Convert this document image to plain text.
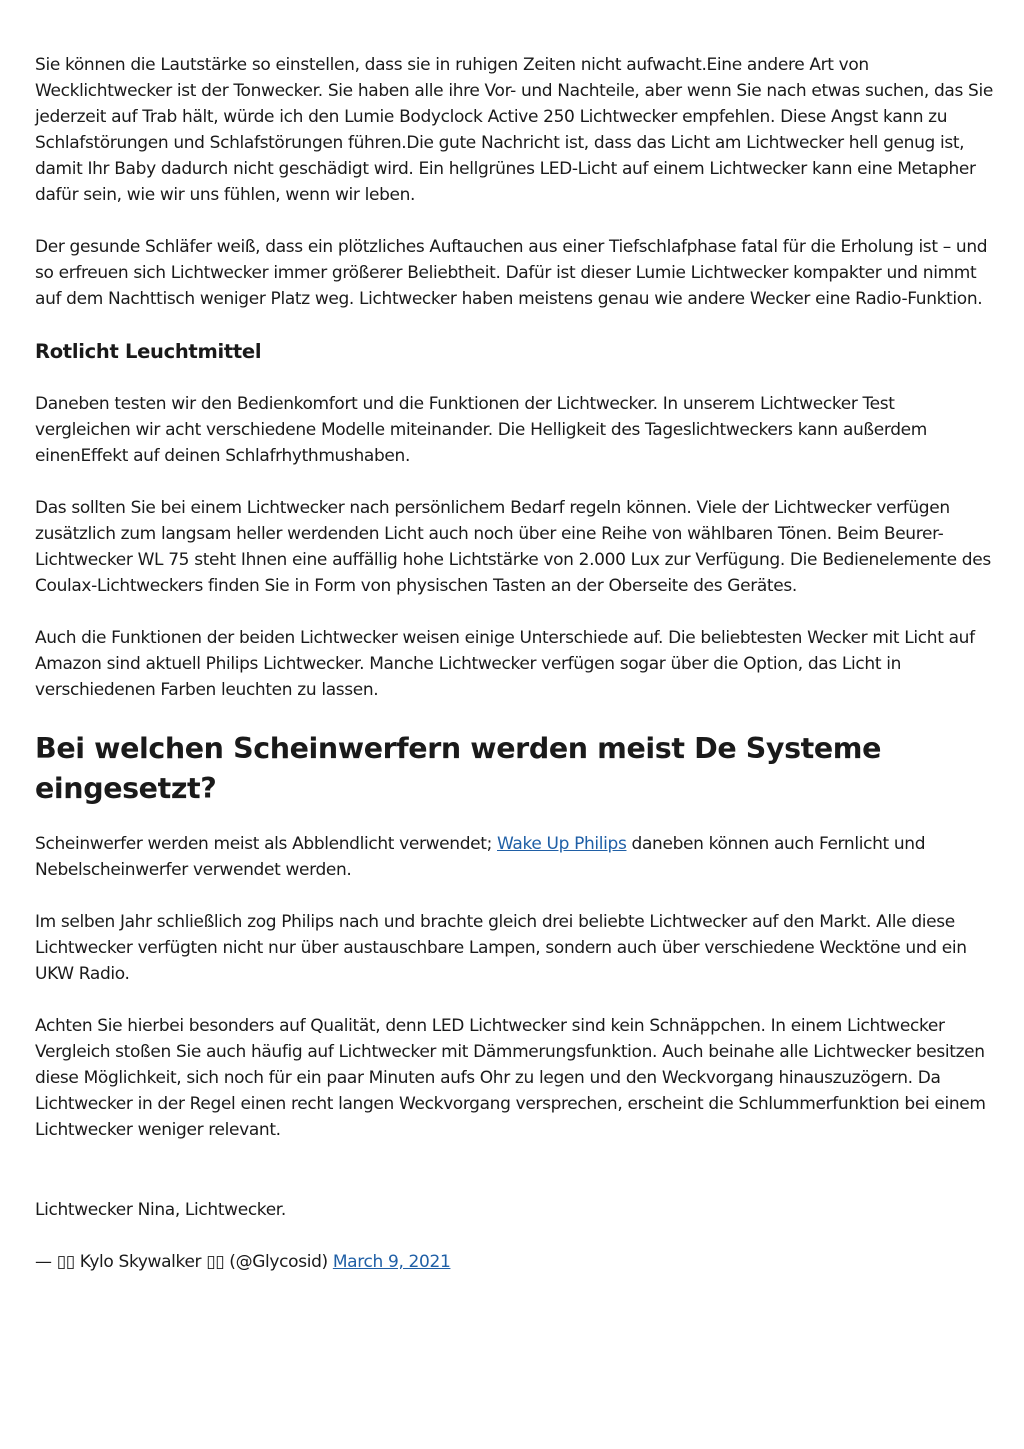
Sie können die Lautstärke so einstellen, dass sie in ruhigen Zeiten nicht aufwacht.Eine andere Art von Wecklichtwecker ist der Tonwecker. Sie haben alle ihre Vor- und Nachteile, aber wenn Sie nach etwas suchen, das Sie jederzeit auf Trab hält, würde ich den Lumie Bodyclock Active 250 Lichtwecker empfehlen. Diese Angst kann zu Schlafstörungen und Schlafstörungen führen.Die gute Nachricht ist, dass das Licht am Lichtwecker hell genug ist, damit Ihr Baby dadurch nicht geschädigt wird. Ein hellgrünes LED-Licht auf einem Lichtwecker kann eine Metapher dafür sein, wie wir uns fühlen, wenn wir leben.

Der gesunde Schläfer weiß, dass ein plötzliches Auftauchen aus einer Tiefschlafphase fatal für die Erholung ist – und so erfreuen sich Lichtwecker immer größerer Beliebtheit. Dafür ist dieser Lumie Lichtwecker kompakter und nimmt auf dem Nachttisch weniger Platz weg. Lichtwecker haben meistens genau wie andere Wecker eine Radio-Funktion.

Rotlicht Leuchtmittel

Daneben testen wir den Bedienkomfort und die Funktionen der Lichtwecker. In unserem Lichtwecker Test vergleichen wir acht verschiedene Modelle miteinander. Die Helligkeit des Tageslichtweckers kann außerdem einenEffekt auf deinen Schlafrhythmushaben.

Das sollten Sie bei einem Lichtwecker nach persönlichem Bedarf regeln können. Viele der Lichtwecker verfügen zusätzlich zum langsam heller werdenden Licht auch noch über eine Reihe von wählbaren Tönen. Beim Beurer-Lichtwecker WL 75 steht Ihnen eine auffällig hohe Lichtstärke von 2.000 Lux zur Verfügung. Die Bedienelemente des Coulax-Lichtweckers finden Sie in Form von physischen Tasten an der Oberseite des Gerätes.

Auch die Funktionen der beiden Lichtwecker weisen einige Unterschiede auf. Die beliebtesten Wecker mit Licht auf Amazon sind aktuell Philips Lichtwecker. Manche Lichtwecker verfügen sogar über die Option, das Licht in verschiedenen Farben leuchten zu lassen.

Bei welchen Scheinwerfern werden meist De Systeme eingesetzt?

Scheinwerfer werden meist als Abblendlicht verwendet; Wake Up Philips daneben können auch Fernlicht und Nebelscheinwerfer verwendet werden.

Im selben Jahr schließlich zog Philips nach und brachte gleich drei beliebte Lichtwecker auf den Markt. Alle diese Lichtwecker verfügten nicht nur über austauschbare Lampen, sondern auch über verschiedene Wecktöne und ein UKW Radio.

Achten Sie hierbei besonders auf Qualität, denn LED Lichtwecker sind kein Schnäppchen. In einem Lichtwecker Vergleich stoßen Sie auch häufig auf Lichtwecker mit Dämmerungsfunktion. Auch beinahe alle Lichtwecker besitzen diese Möglichkeit, sich noch für ein paar Minuten aufs Ohr zu legen und den Weckvorgang hinauszuzögern. Da Lichtwecker in der Regel einen recht langen Weckvorgang versprechen, erscheint die Schlummerfunktion bei einem Lichtwecker weniger relevant.

Lichtwecker Nina, Lichtwecker.

— ▯▯ Kylo Skywalker ▯▯ (@Glycosid) March 9, 2021
